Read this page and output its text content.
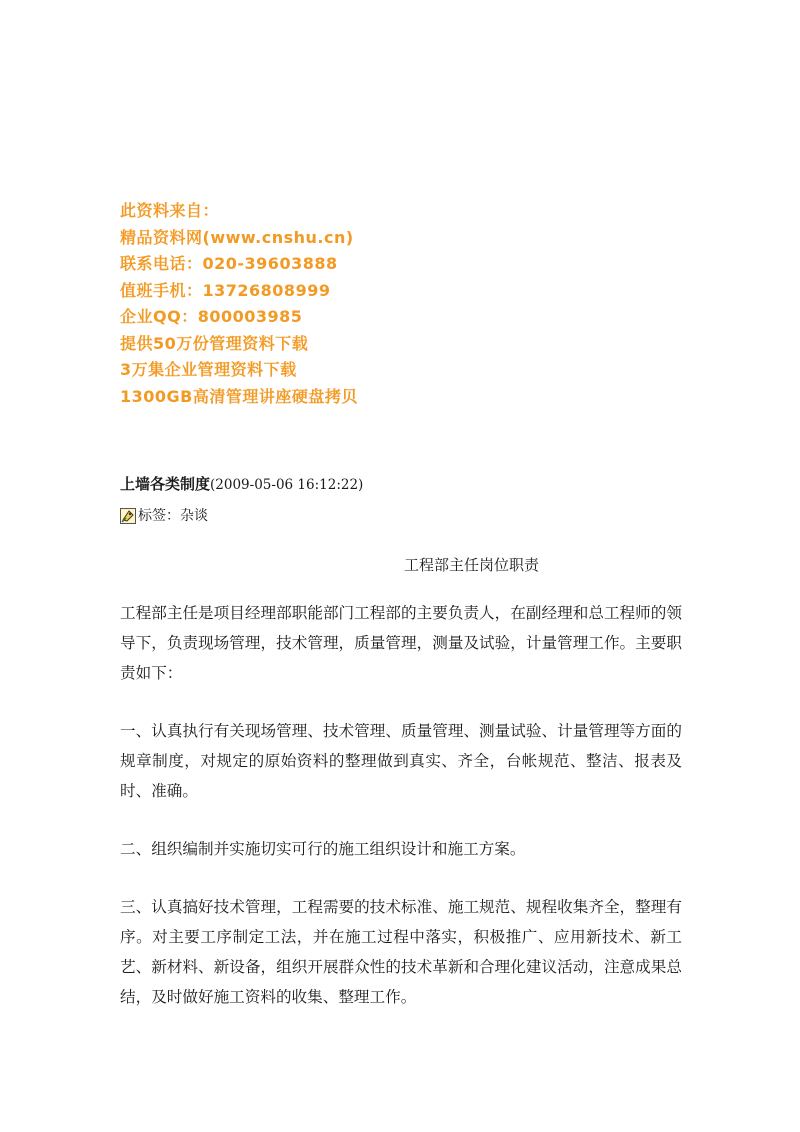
此资料来自：
精品资料网(www.cnshu.cn)
联系电话：020-39603888
值班手机：13726808999
企业QQ：800003985
提供50万份管理资料下载
3万集企业管理资料下载
1300GB高清管理讲座硬盘拷贝
上墙各类制度(2009-05-06 16:12:22)
标签： 杂谈
工程部主任岗位职责

工程部主任是项目经理部职能部门工程部的主要负责人，在副经理和总工程师的领导下，负责现场管理，技术管理，质量管理，测量及试验，计量管理工作。主要职责如下：

一、认真执行有关现场管理、技术管理、质量管理、测量试验、计量管理等方面的规章制度，对规定的原始资料的整理做到真实、齐全，台帐规范、整洁、报表及时、准确。

二、组织编制并实施切实可行的施工组织设计和施工方案。

三、认真搞好技术管理，工程需要的技术标准、施工规范、规程收集齐全，整理有序。对主要工序制定工法，并在施工过程中落实，积极推广、应用新技术、新工艺、新材料、新设备，组织开展群众性的技术革新和合理化建议活动，注意成果总结，及时做好施工资料的收集、整理工作。
